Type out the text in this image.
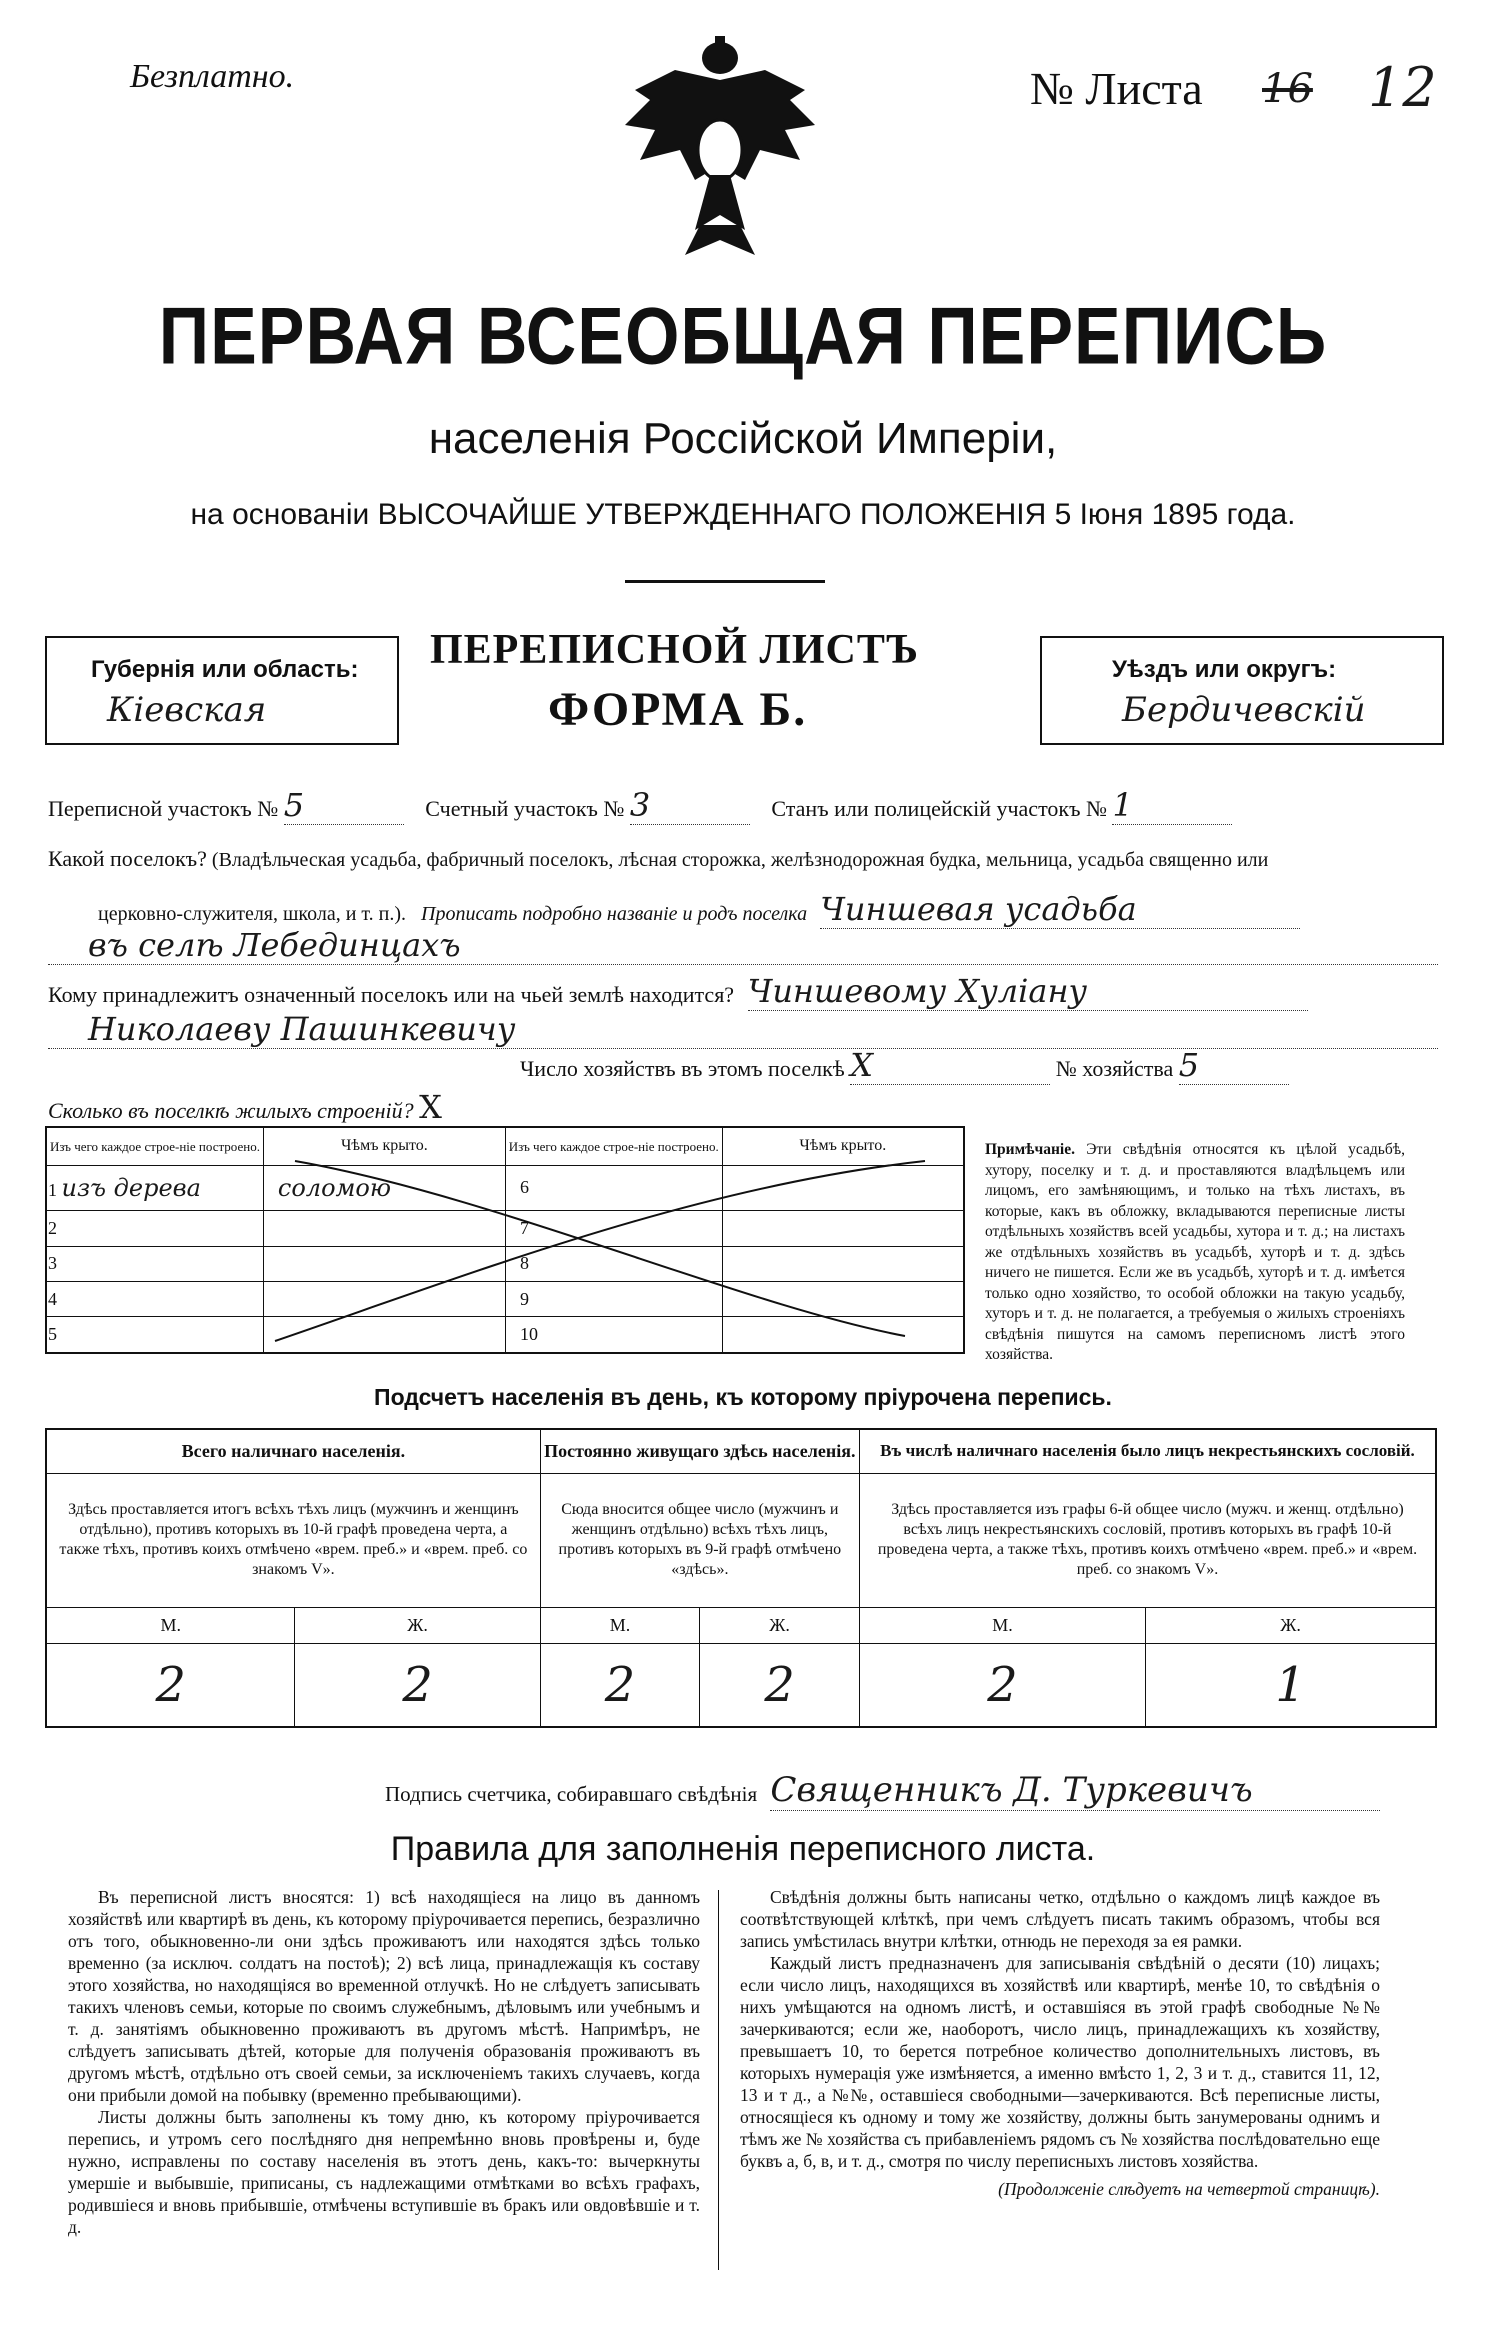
Безплатно.	№ Листа 16 12
ПЕРВАЯ ВСЕОБЩАЯ ПЕРЕПИСЬ
населенія Россійской Имперіи,
на основаніи ВЫСОЧАЙШЕ УТВЕРЖДЕННАГО ПОЛОЖЕНІЯ 5 Іюня 1895 года.
Губернія или область:
Кіевская
ПЕРЕПИСНОЙ ЛИСТЪ
ФОРМА Б.
Уѣздъ или округъ:
Бердичевскій
Переписной участокъ № 5	Счетный участокъ № 3	Станъ или полицейскій участокъ № 1
Какой поселокъ? (Владѣльческая усадьба, фабричный поселокъ, лѣсная сторожка, желѣзнодорожная будка, мельница, усадьба священно или
церковно-служителя, школа, и т. п.). Прописать подробно названіе и родъ поселка Чиншевая усадьба
въ селѣ Лебединцахъ
Кому принадлежитъ означенный поселокъ или на чьей землѣ находится? Чиншевому Хуліану
Николаеву Пашинкевичу
Число хозяйствъ въ этомъ поселкѣ X	№ хозяйства 5
Сколько въ поселкѣ жилыхъ строеній? X
Изъ чего каждое строе-ніе построено.	Чѣмъ крыто.	Изъ чего каждое строе-ніе построено.	Чѣмъ крыто.
1 изъ дерева	соломою	6	
2		7	
3		8	
4		9	
5		10	
Примѣчаніе. Эти свѣдѣнія относятся къ цѣлой усадьбѣ, хутору, поселку и т. д. и проставляются владѣльцемъ или лицомъ, его замѣняющимъ, и только на тѣхъ листахъ, въ которые, какъ въ обложку, вкладываются переписные листы отдѣльныхъ хозяйствъ всей усадьбы, хутора и т. д.; на листахъ же отдѣльныхъ хозяйствъ въ усадьбѣ, хуторѣ и т. д. здѣсь ничего не пишется. Если же въ усадьбѣ, хуторѣ и т. д. имѣется только одно хозяйство, то особой обложки на такую усадьбу, хуторъ и т. д. не полагается, а требуемыя о жилыхъ строеніяхъ свѣдѣнія пишутся на самомъ переписномъ листѣ этого хозяйства.
Подсчетъ населенія въ день, къ которому пріурочена перепись.
Всего наличнаго населенія.		Постоянно живущаго здѣсь населенія.		Въ числѣ наличнаго населенія было лицъ некрестьянскихъ сословій.	
Здѣсь проставляется итогъ всѣхъ тѣхъ лицъ (мужчинъ и женщинъ отдѣльно), противъ которыхъ въ 10-й графѣ проведена черта, а также тѣхъ, противъ коихъ отмѣчено «врем. преб.» и «врем. преб. со знакомъ V».		Сюда вносится общее число (мужчинъ и женщинъ отдѣльно) всѣхъ тѣхъ лицъ, противъ которыхъ въ 9-й графѣ отмѣчено «здѣсь».		Здѣсь проставляется изъ графы 6-й общее число (мужч. и женщ. отдѣльно) всѣхъ лицъ некрестьянскихъ сословій, противъ которыхъ въ графѣ 10-й проведена черта, а также тѣхъ, противъ коихъ отмѣчено «врем. преб.» и «врем. преб. со знакомъ V».	
М.	Ж.	М.	Ж.	М.	Ж.
2	2	2	2	2	1
Подпись счетчика, собиравшаго свѣдѣнія Священникъ Д. Туркевичъ
Правила для заполненія переписного листа.
Въ переписной листъ вносятся: 1) всѣ находящіеся на лицо въ данномъ хозяйствѣ или квартирѣ въ день, къ которому пріурочивается перепись, безразлично отъ того, обыкновенно-ли они здѣсь проживаютъ или находятся здѣсь только временно (за исключ. солдатъ на постоѣ); 2) всѣ лица, принадлежащія къ составу этого хозяйства, но находящіяся во временной отлучкѣ. Но не слѣдуетъ записывать такихъ членовъ семьи, которые по своимъ служебнымъ, дѣловымъ или учебнымъ и т. д. занятіямъ обыкновенно проживаютъ въ другомъ мѣстѣ. Напримѣръ, не слѣдуетъ записывать дѣтей, которые для полученія образованія проживаютъ въ другомъ мѣстѣ, отдѣльно отъ своей семьи, за исключеніемъ такихъ случаевъ, когда они прибыли домой на побывку (временно пребывающими).
Листы должны быть заполнены къ тому дню, къ которому пріурочивается перепись, и утромъ сего послѣдняго дня непремѣнно вновь провѣрены и, буде нужно, исправлены по составу населенія въ этотъ день, какъ-то: вычеркнуты умершіе и выбывшіе, приписаны, съ надлежащими отмѣтками во всѣхъ графахъ, родившіеся и вновь прибывшіе, отмѣчены вступившіе въ бракъ или овдовѣвшіе и т. д.
Свѣдѣнія должны быть написаны четко, отдѣльно о каждомъ лицѣ каждое въ соотвѣтствующей клѣткѣ, при чемъ слѣдуетъ писать такимъ образомъ, чтобы вся запись умѣстилась внутри клѣтки, отнюдь не переходя за ея рамки.
Каждый листъ предназначенъ для записыванія свѣдѣній о десяти (10) лицахъ; если число лицъ, находящихся въ хозяйствѣ или квартирѣ, менѣе 10, то свѣдѣнія о нихъ умѣщаются на одномъ листѣ, и оставшіяся въ этой графѣ свободные №№ зачеркиваются; если же, наоборотъ, число лицъ, принадлежащихъ къ хозяйству, превышаетъ 10, то берется потребное количество дополнительныхъ листовъ, въ которыхъ нумерація уже измѣняется, а именно вмѣсто 1, 2, 3 и т. д., ставится 11, 12, 13 и т д., а №№, оставшіеся свободными—зачеркиваются. Всѣ переписные листы, относящіеся къ одному и тому же хозяйству, должны быть занумерованы однимъ и тѣмъ же № хозяйства съ прибавленіемъ рядомъ съ № хозяйства послѣдовательно еще буквъ а, б, в, и т. д., смотря по числу переписныхъ листовъ хозяйства.
(Продолженіе слѣдуетъ на четвертой страницѣ).
